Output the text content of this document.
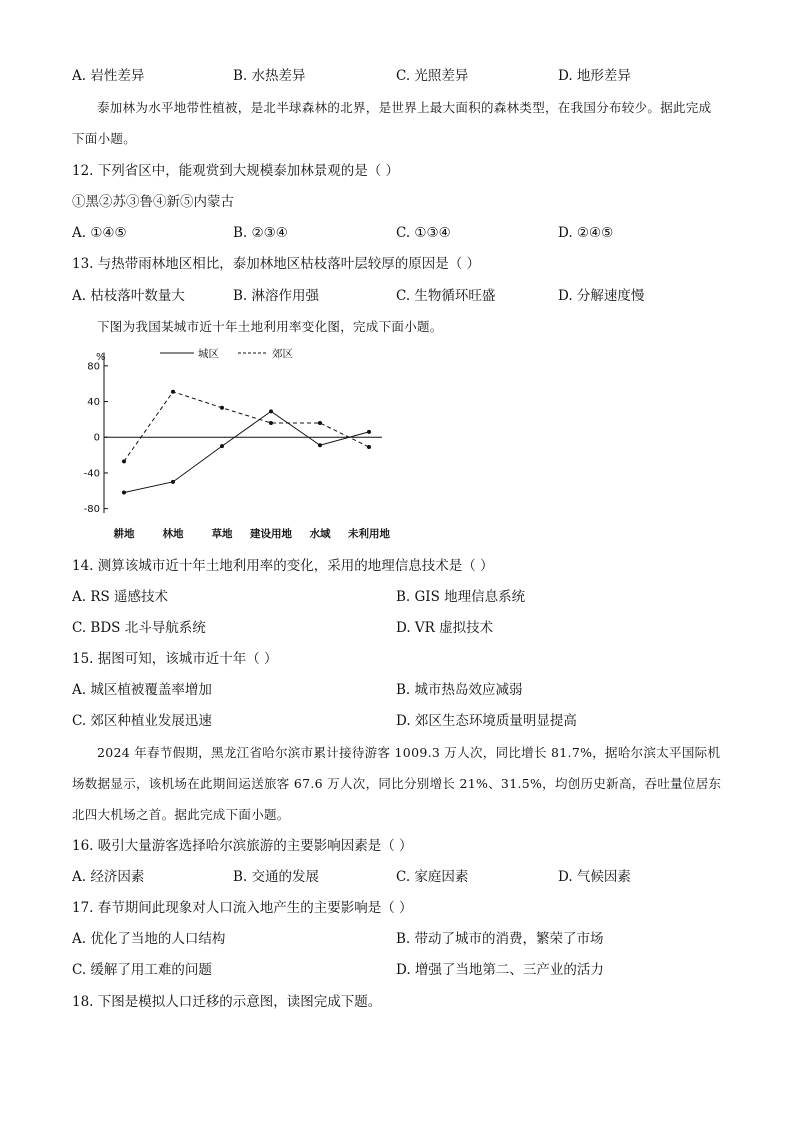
A. 岩性差异	B. 水热差异	C. 光照差异	D. 地形差异
泰加林为水平地带性植被，是北半球森林的北界，是世界上最大面积的森林类型，在我国分布较少。据此完成下面小题。
12. 下列省区中，能观赏到大规模泰加林景观的是（ ）
①黑②苏③鲁④新⑤内蒙古
A. ①④⑤	B. ②③④	C. ①③④	D. ②④⑤
13. 与热带雨林地区相比，泰加林地区枯枝落叶层较厚的原因是（ ）
A. 枯枝落叶数量大	B. 淋溶作用强	C. 生物循环旺盛	D. 分解速度慢
下图为我国某城市近十年土地利用率变化图，完成下面小题。
%
80
40
0
-40
-80
耕地	林地	草地 建设用地 水域 未利用地
城区	郊区
14. 测算该城市近十年土地利用率的变化，采用的地理信息技术是（ ）
A. RS 遥感技术	B. GIS 地理信息系统
C. BDS 北斗导航系统	D. VR 虚拟技术
15. 据图可知，该城市近十年（ ）
A. 城区植被覆盖率增加	B. 城市热岛效应减弱
C. 郊区种植业发展迅速	D. 郊区生态环境质量明显提高
2024 年春节假期，黑龙江省哈尔滨市累计接待游客 1009.3 万人次，同比增长 81.7%，据哈尔滨太平国际机场数据显示，该机场在此期间运送旅客 67.6 万人次，同比分别增长 21%、31.5%，均创历史新高，吞吐量位居东北四大机场之首。据此完成下面小题。
16. 吸引大量游客选择哈尔滨旅游的主要影响因素是（ ）
A. 经济因素	B. 交通的发展	C. 家庭因素	D. 气候因素
17. 春节期间此现象对人口流入地产生的主要影响是（ ）
A. 优化了当地的人口结构	B. 带动了城市的消费，繁荣了市场
C. 缓解了用工难的问题	D. 增强了当地第二、三产业的活力
18. 下图是模拟人口迁移的示意图，读图完成下题。
